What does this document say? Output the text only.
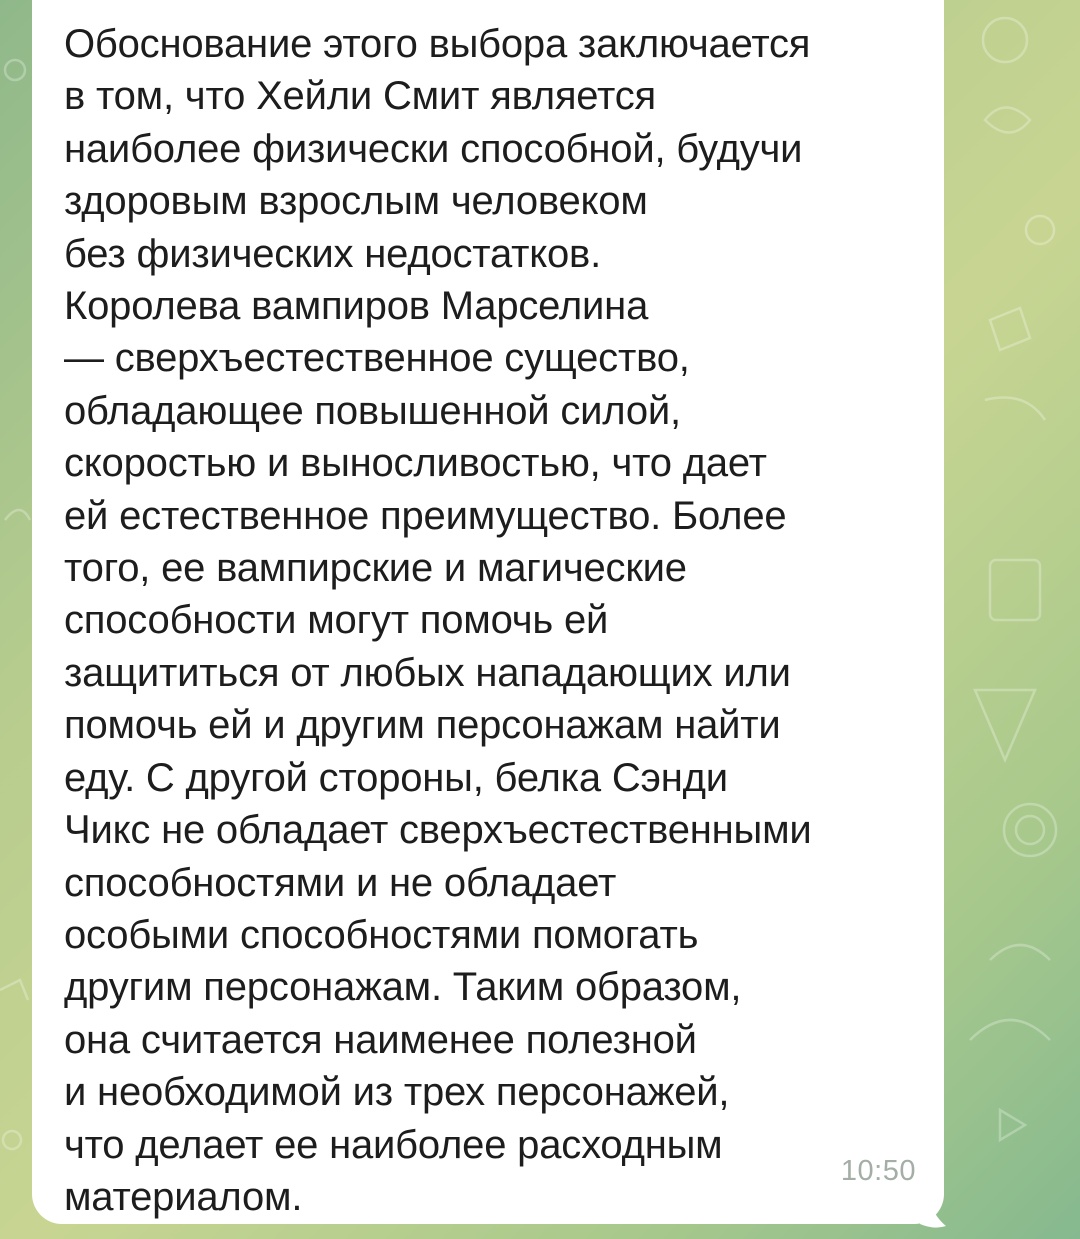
Обоснование этого выбора заключается
в том, что Хейли Смит является
наиболее физически способной, будучи
здоровым взрослым человеком
без физических недостатков.
Королева вампиров Марселина
— сверхъестественное существо,
обладающее повышенной силой,
скоростью и выносливостью, что дает
ей естественное преимущество. Более
того, ее вампирские и магические
способности могут помочь ей
защититься от любых нападающих или
помочь ей и другим персонажам найти
еду. С другой стороны, белка Сэнди
Чикс не обладает сверхъестественными
способностями и не обладает
особыми способностями помогать
другим персонажам. Таким образом,
она считается наименее полезной
и необходимой из трех персонажей,
что делает ее наиболее расходным
материалом.
10:50
